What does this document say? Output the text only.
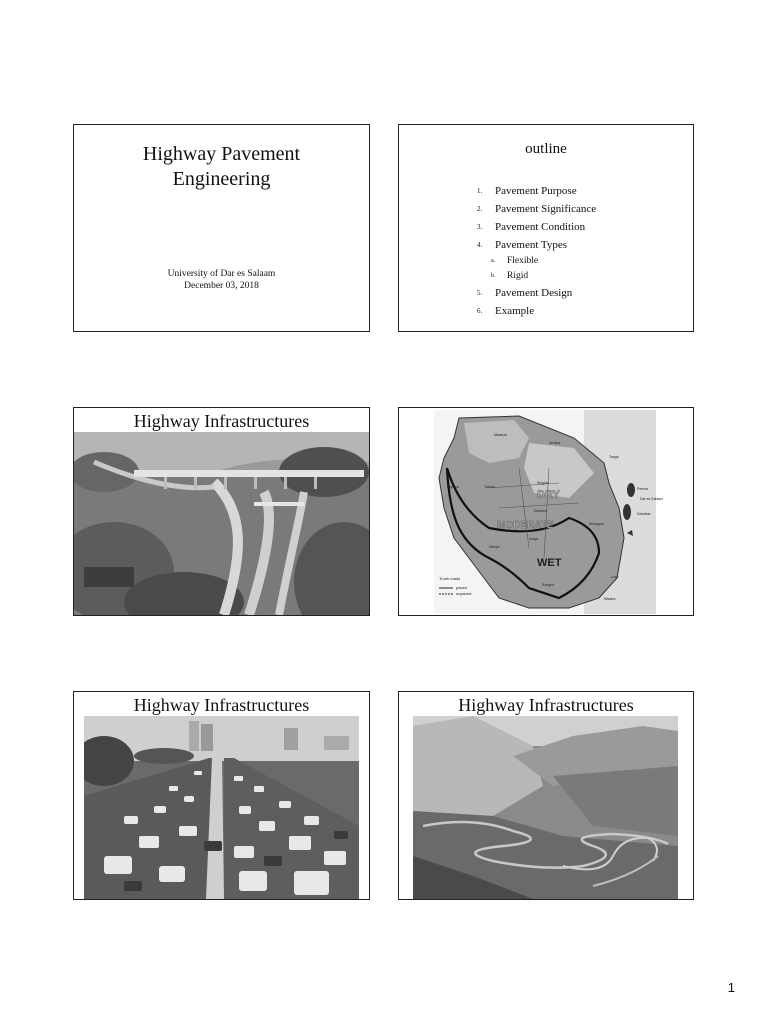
Highway Pavement
Engineering
University of Dar es Salaam
December 03, 2018
outline
1. Pavement Purpose
2. Pavement Significance
3. Pavement Condition
4. Pavement Types
a. Flexible
b. Rigid
5. Pavement Design
6. Example
Highway Infrastructures
DRY
MODERATE
WET
Dar es Salaam
Zanzibar
Pemba
Tanga
Arusha
Mwanza
Dodoma
Tabora
Kigoma
Mbeya
Iringa
Morogoro
Songea
Lindi
Mtwara
Singida
Trunk roads
paved
unpaved
Highway Infrastructures	Highway Infrastructures
1
